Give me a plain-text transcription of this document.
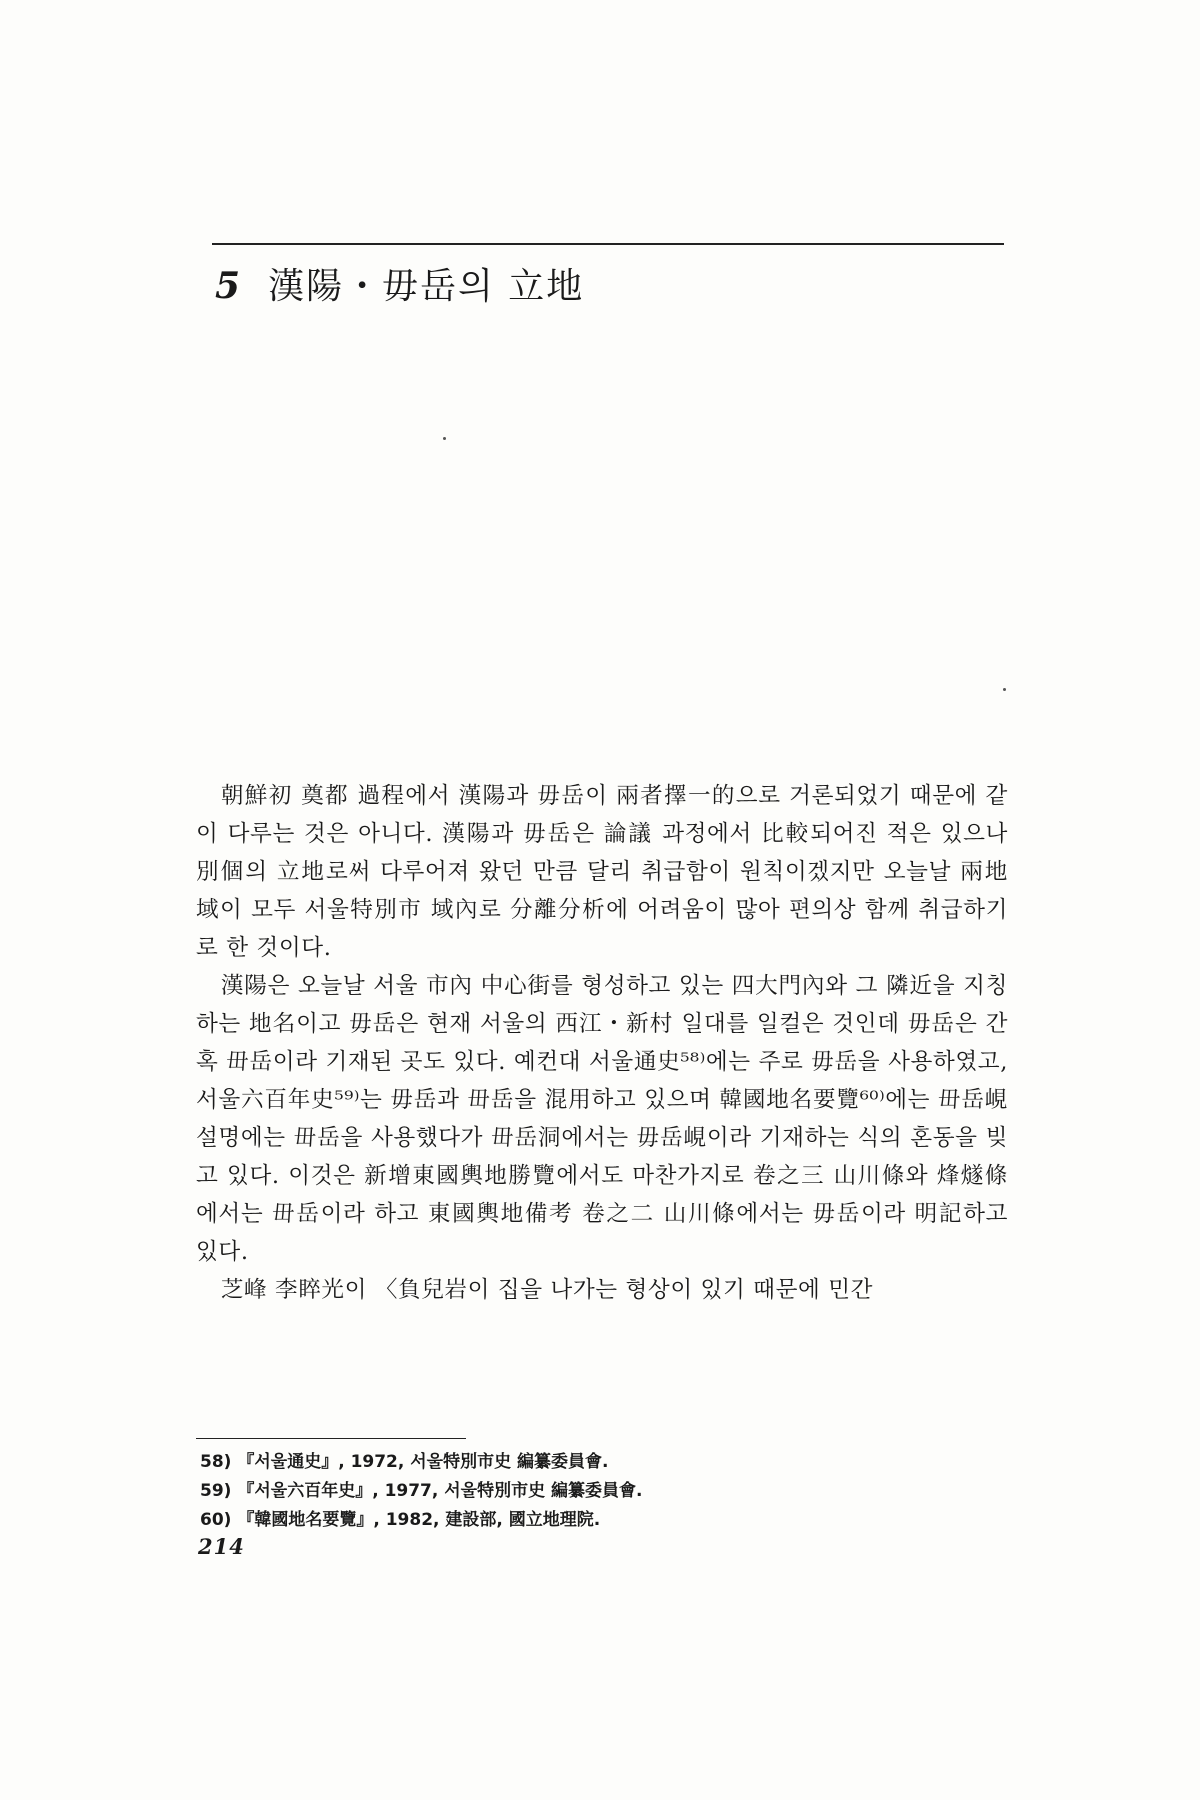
5 漢陽・毋岳의 立地

朝鮮初 奠都 過程에서 漢陽과 毋岳이 兩者擇一的으로 거론되었기 때문에 같이 다루는 것은 아니다. 漢陽과 毋岳은 論議 과정에서 比較되어진 적은 있으나 別個의 立地로써 다루어져 왔던 만큼 달리 취급함이 원칙이겠지만 오늘날 兩地域이 모두 서울特別市 域內로 分離分析에 어려움이 많아 편의상 함께 취급하기로 한 것이다.

漢陽은 오늘날 서울 市內 中心街를 형성하고 있는 四大門內와 그 隣近을 지칭하는 地名이고 毋岳은 현재 서울의 西江・新村 일대를 일컬은 것인데 毋岳은 간혹 毌岳이라 기재된 곳도 있다. 예컨대 서울通史⁵⁸⁾에는 주로 毋岳을 사용하였고, 서울六百年史⁵⁹⁾는 毋岳과 毌岳을 混用하고 있으며 韓國地名要覽⁶⁰⁾에는 毌岳峴 설명에는 毌岳을 사용했다가 毌岳洞에서는 毋岳峴이라 기재하는 식의 혼동을 빚고 있다. 이것은 新增東國輿地勝覽에서도 마찬가지로 卷之三 山川條와 烽燧條에서는 毌岳이라 하고 東國輿地備考 卷之二 山川條에서는 毋岳이라 明記하고 있다.

芝峰 李睟光이 〈負兒岩이 집을 나가는 형상이 있기 때문에 민간

58) 『서울通史』, 1972, 서울特別市史 編纂委員會.
59) 『서울六百年史』, 1977, 서울特別市史 編纂委員會.
60) 『韓國地名要覽』, 1982, 建設部, 國立地理院.
214
